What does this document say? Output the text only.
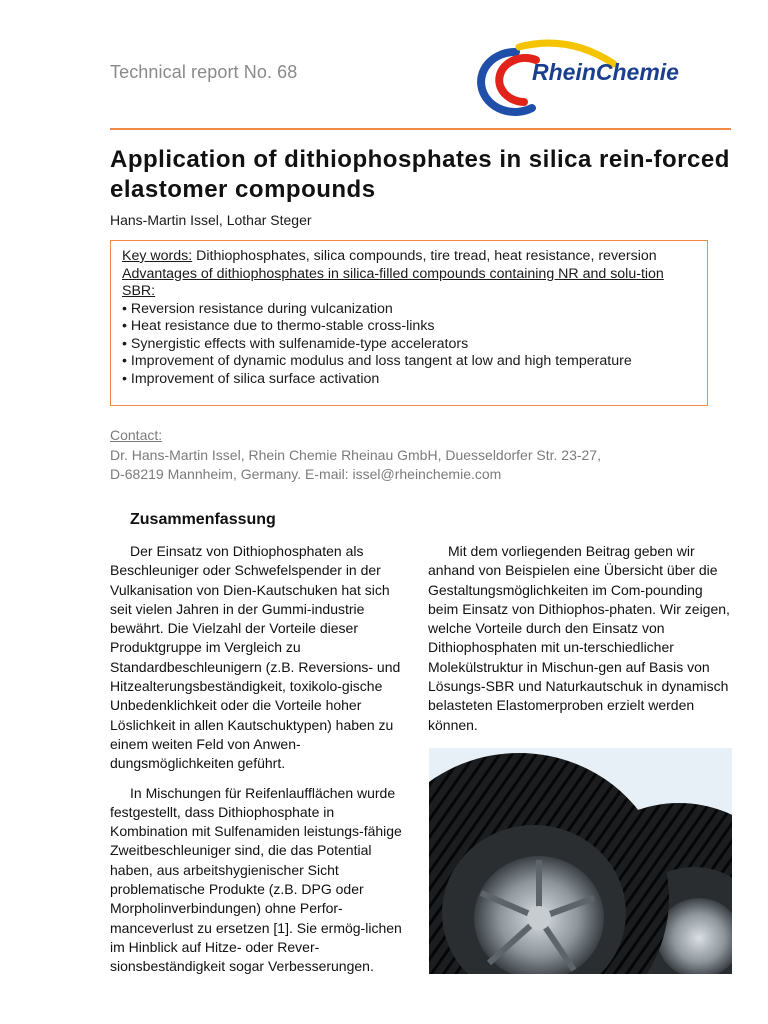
Technical report No. 68	RheinChemie
Application of dithiophosphates in silica rein-forced elastomer compounds
Hans-Martin Issel, Lothar Steger
Key words: Dithiophosphates, silica compounds, tire tread, heat resistance, reversion
Advantages of dithiophosphates in silica-filled compounds containing NR and solu-tion SBR:
• Reversion resistance during vulcanization
• Heat resistance due to thermo-stable cross-links
• Synergistic effects with sulfenamide-type accelerators
• Improvement of dynamic modulus and loss tangent at low and high temperature
• Improvement of silica surface activation
Contact:
Dr. Hans-Martin Issel, Rhein Chemie Rheinau GmbH, Duesseldorfer Str. 23-27,
D-68219 Mannheim, Germany. E-mail: issel@rheinchemie.com
Zusammenfassung

Der Einsatz von Dithiophosphaten als Beschleuniger oder Schwefelspender in der Vulkanisation von Dien-Kautschuken hat sich seit vielen Jahren in der Gummi-industrie bewährt. Die Vielzahl der Vorteile dieser Produktgruppe im Vergleich zu Standardbeschleunigern (z.B. Reversions- und Hitzealterungsbeständigkeit, toxikolo-gische Unbedenklichkeit oder die Vorteile hoher Löslichkeit in allen Kautschuktypen) haben zu einem weiten Feld von Anwen-dungsmöglichkeiten geführt.

In Mischungen für Reifenlaufflächen wurde festgestellt, dass Dithiophosphate in Kombination mit Sulfenamiden leistungs-fähige Zweitbeschleuniger sind, die das Potential haben, aus arbeitshygienischer Sicht problematische Produkte (z.B. DPG oder Morpholinverbindungen) ohne Perfor-manceverlust zu ersetzen [1]. Sie ermög-lichen im Hinblick auf Hitze- oder Rever-sionsbeständigkeit sogar Verbesserungen.

Mit dem vorliegenden Beitrag geben wir anhand von Beispielen eine Übersicht über die Gestaltungsmöglichkeiten im Com-pounding beim Einsatz von Dithiophos-phaten. Wir zeigen, welche Vorteile durch den Einsatz von Dithiophosphaten mit un-terschiedlicher Molekülstruktur in Mischun-gen auf Basis von Lösungs-SBR und Naturkautschuk in dynamisch belasteten Elastomerproben erzielt werden können.
